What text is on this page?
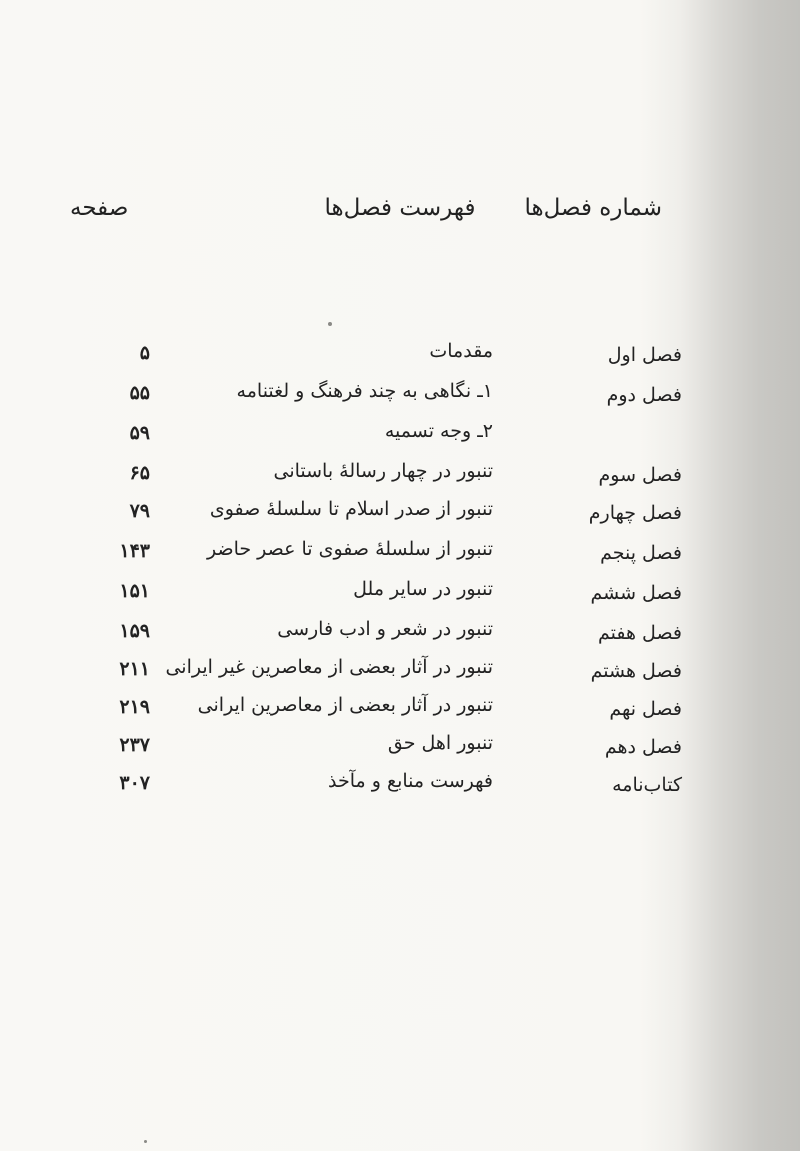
شماره فصل‌ها
فهرست فصل‌ها
صفحه
فصل اول
مقدمات
۵
فصل دوم
۱ـ نگاهی به چند فرهنگ و لغتنامه
۵۵
۲ـ وجه تسمیه
۵۹
فصل سوم
تنبور در چهار رسالهٔ باستانی
۶۵
فصل چهارم
تنبور از صدر اسلام تا سلسلهٔ صفوی
۷۹
فصل پنجم
تنبور از سلسلهٔ صفوی تا عصر حاضر
۱۴۳
فصل ششم
تنبور در سایر ملل
۱۵۱
فصل هفتم
تنبور در شعر و ادب فارسی
۱۵۹
فصل هشتم
تنبور در آثار بعضی از معاصرین غیر ایرانی
۲۱۱
فصل نهم
تنبور در آثار بعضی از معاصرین ایرانی
۲۱۹
فصل دهم
تنبور اهل حق
۲۳۷
کتاب‌نامه
فهرست منابع و مآخذ
۳۰۷
